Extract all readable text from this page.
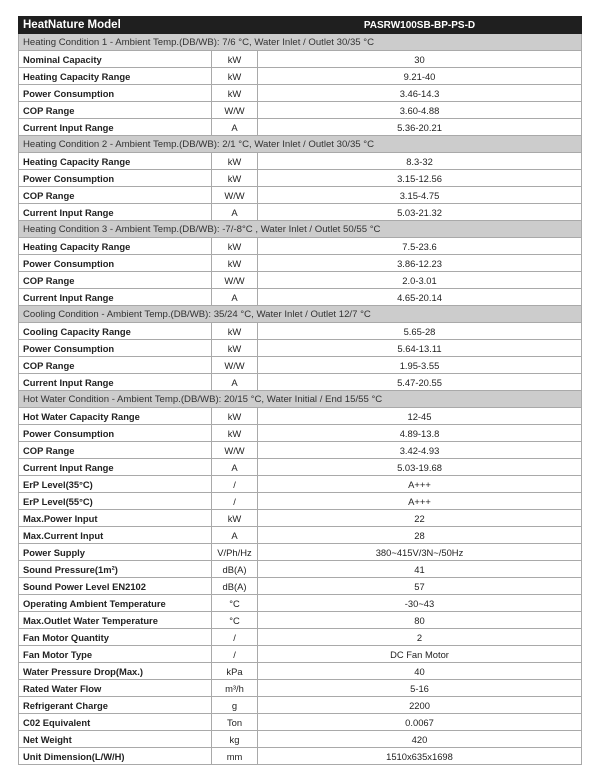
HeatNature Model		PASRW100SB-BP-PS-D
Heating Condition 1 - Ambient Temp.(DB/WB): 7/6 °C, Water Inlet / Outlet 30/35 °C		
Nominal Capacity	kW	30
Heating Capacity Range	kW	9.21-40
Power Consumption	kW	3.46-14.3
COP Range	W/W	3.60-4.88
Current Input Range	A	5.36-20.21
Heating Condition 2 - Ambient Temp.(DB/WB): 2/1 °C, Water Inlet / Outlet 30/35 °C		
Heating Capacity Range	kW	8.3-32
Power Consumption	kW	3.15-12.56
COP Range	W/W	3.15-4.75
Current Input Range	A	5.03-21.32
Heating Condition 3 - Ambient Temp.(DB/WB): -7/-8°C , Water Inlet / Outlet 50/55 °C		
Heating Capacity Range	kW	7.5-23.6
Power Consumption	kW	3.86-12.23
COP Range	W/W	2.0-3.01
Current Input Range	A	4.65-20.14
Cooling Condition - Ambient Temp.(DB/WB): 35/24 °C, Water Inlet / Outlet 12/7 °C		
Cooling Capacity Range	kW	5.65-28
Power Consumption	kW	5.64-13.11
COP Range	W/W	1.95-3.55
Current Input Range	A	5.47-20.55
Hot Water Condition - Ambient Temp.(DB/WB): 20/15 °C, Water Initial / End 15/55 °C		
Hot Water Capacity Range	kW	12-45
Power Consumption	kW	4.89-13.8
COP Range	W/W	3.42-4.93
Current Input Range	A	5.03-19.68
ErP Level(35°C)	/	A+++
ErP Level(55°C)	/	A+++
Max.Power Input	kW	22
Max.Current Input	A	28
Power Supply	V/Ph/Hz	380~415V/3N~/50Hz
Sound Pressure(1m²)	dB(A)	41
Sound Power Level EN2102	dB(A)	57
Operating Ambient Temperature	°C	-30~43
Max.Outlet Water Temperature	°C	80
Fan Motor Quantity	/	2
Fan Motor Type	/	DC Fan Motor
Water Pressure Drop(Max.)	kPa	40
Rated Water Flow	m³/h	5-16
Refrigerant Charge	g	2200
C02 Equivalent	Ton	0.0067
Net Weight	kg	420
Unit Dimension(L/W/H)	mm	1510x635x1698
